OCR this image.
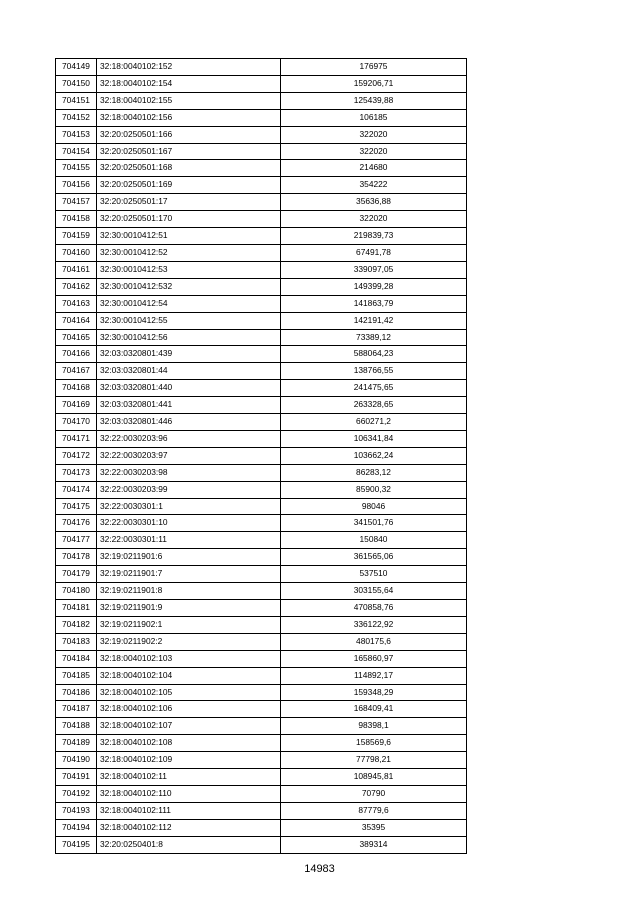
704149	32:18:0040102:152	176975
704150	32:18:0040102:154	159206,71
704151	32:18:0040102:155	125439,88
704152	32:18:0040102:156	106185
704153	32:20:0250501:166	322020
704154	32:20:0250501:167	322020
704155	32:20:0250501:168	214680
704156	32:20:0250501:169	354222
704157	32:20:0250501:17	35636,88
704158	32:20:0250501:170	322020
704159	32:30:0010412:51	219839,73
704160	32:30:0010412:52	67491,78
704161	32:30:0010412:53	339097,05
704162	32:30:0010412:532	149399,28
704163	32:30:0010412:54	141863,79
704164	32:30:0010412:55	142191,42
704165	32:30:0010412:56	73389,12
704166	32:03:0320801:439	588064,23
704167	32:03:0320801:44	138766,55
704168	32:03:0320801:440	241475,65
704169	32:03:0320801:441	263328,65
704170	32:03:0320801:446	660271,2
704171	32:22:0030203:96	106341,84
704172	32:22:0030203:97	103662,24
704173	32:22:0030203:98	86283,12
704174	32:22:0030203:99	85900,32
704175	32:22:0030301:1	98046
704176	32:22:0030301:10	341501,76
704177	32:22:0030301:11	150840
704178	32:19:0211901:6	361565,06
704179	32:19:0211901:7	537510
704180	32:19:0211901:8	303155,64
704181	32:19:0211901:9	470858,76
704182	32:19:0211902:1	336122,92
704183	32:19:0211902:2	480175,6
704184	32:18:0040102:103	165860,97
704185	32:18:0040102:104	114892,17
704186	32:18:0040102:105	159348,29
704187	32:18:0040102:106	168409,41
704188	32:18:0040102:107	98398,1
704189	32:18:0040102:108	158569,6
704190	32:18:0040102:109	77798,21
704191	32:18:0040102:11	108945,81
704192	32:18:0040102:110	70790
704193	32:18:0040102:111	87779,6
704194	32:18:0040102:112	35395
704195	32:20:0250401:8	389314
14983
